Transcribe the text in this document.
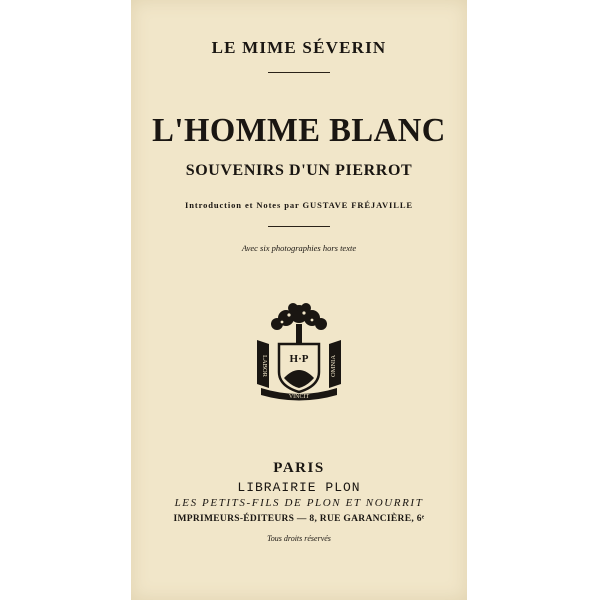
LE MIME SÉVERIN
L'HOMME BLANC
SOUVENIRS D'UN PIERROT
Introduction et Notes par GUSTAVE FRÉJAVILLE
Avec six photographies hors texte
H·P
LABOR	OMNIA
VINCIT
PARIS
LIBRAIRIE PLON
LES PETITS-FILS DE PLON ET NOURRIT
IMPRIMEURS-ÉDITEURS — 8, RUE GARANCIÈRE, 6ᵉ
Tous droits réservés
